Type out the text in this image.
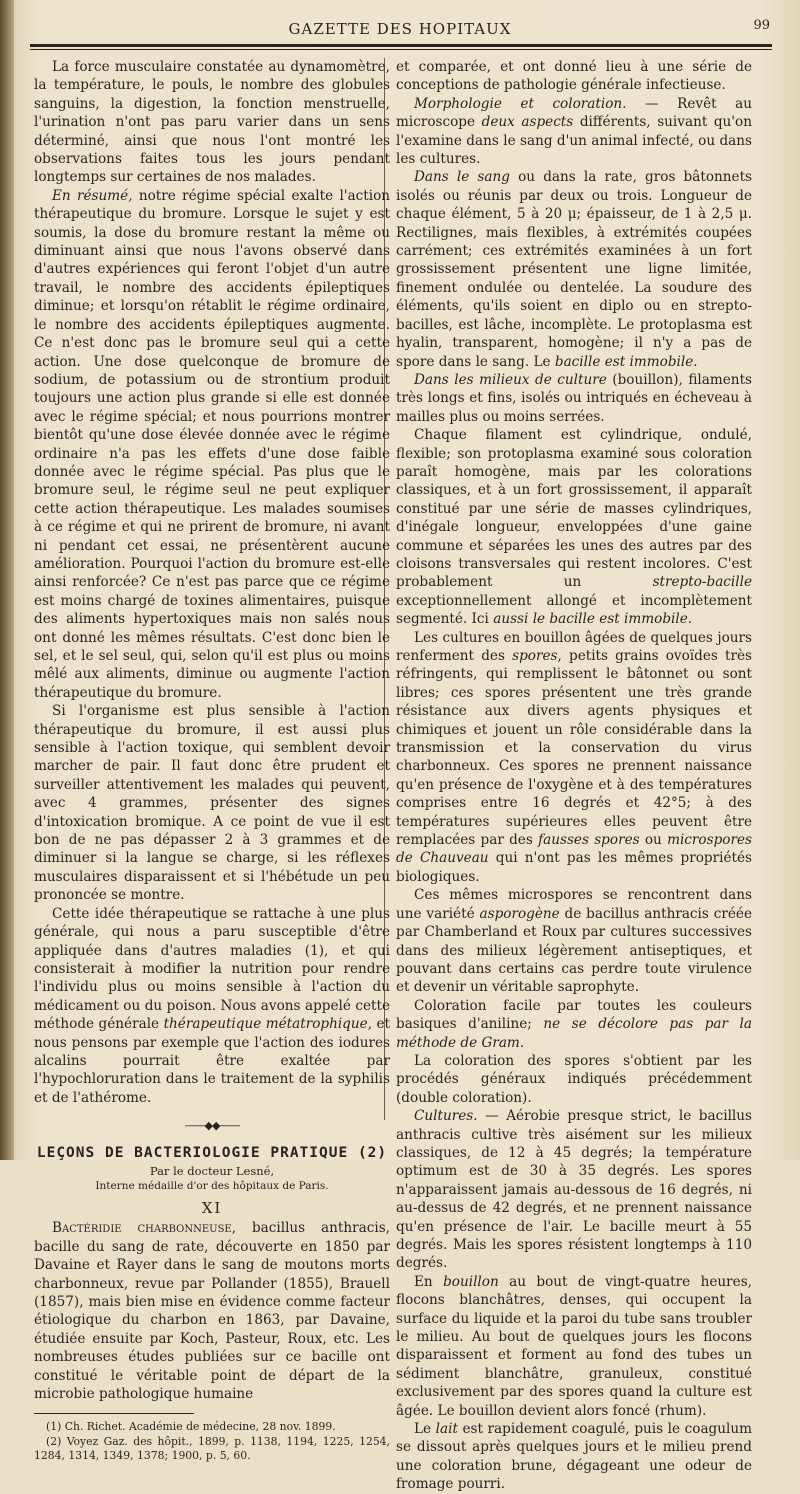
GAZETTE DES HOPITAUX	99

La force musculaire constatée au dynamomètre, la température, le pouls, le nombre des globules sanguins, la digestion, la fonction menstruelle, l'urination n'ont pas paru varier dans un sens déterminé, ainsi que nous l'ont montré les observations faites tous les jours pendant longtemps sur certaines de nos malades.

En résumé, notre régime spécial exalte l'action thérapeutique du bromure. Lorsque le sujet y est soumis, la dose du bromure restant la même ou diminuant ainsi que nous l'avons observé dans d'autres expériences qui feront l'objet d'un autre travail, le nombre des accidents épileptiques diminue; et lorsqu'on rétablit le régime ordinaire, le nombre des accidents épileptiques augmente. Ce n'est donc pas le bromure seul qui a cette action. Une dose quelconque de bromure de sodium, de potassium ou de strontium produit toujours une action plus grande si elle est donnée avec le régime spécial; et nous pourrions montrer bientôt qu'une dose élevée donnée avec le régime ordinaire n'a pas les effets d'une dose faible donnée avec le régime spécial. Pas plus que le bromure seul, le régime seul ne peut expliquer cette action thérapeutique. Les malades soumises à ce régime et qui ne prirent de bromure, ni avant ni pendant cet essai, ne présentèrent aucune amélioration. Pourquoi l'action du bromure est-elle ainsi renforcée? Ce n'est pas parce que ce régime est moins chargé de toxines alimentaires, puisque des aliments hypertoxiques mais non salés nous ont donné les mêmes résultats. C'est donc bien le sel, et le sel seul, qui, selon qu'il est plus ou moins mêlé aux aliments, diminue ou augmente l'action thérapeutique du bromure.

Si l'organisme est plus sensible à l'action thérapeutique du bromure, il est aussi plus sensible à l'action toxique, qui semblent devoir marcher de pair. Il faut donc être prudent et surveiller attentivement les malades qui peuvent, avec 4 grammes, présenter des signes d'intoxication bromique. A ce point de vue il est bon de ne pas dépasser 2 à 3 grammes et de diminuer si la langue se charge, si les réflexes musculaires disparaissent et si l'hébétude un peu prononcée se montre.

Cette idée thérapeutique se rattache à une plus générale, qui nous a paru susceptible d'être appliquée dans d'autres maladies (1), et qui consisterait à modifier la nutrition pour rendre l'individu plus ou moins sensible à l'action du médicament ou du poison. Nous avons appelé cette méthode générale thérapeutique métatrophique, et nous pensons par exemple que l'action des iodures alcalins pourrait être exaltée par l'hypochloruration dans le traitement de la syphilis et de l'athérome.

——◆◆——
LEÇONS DE BACTERIOLOGIE PRATIQUE (2)
Par le docteur Lesné,
Interne médaille d'or des hôpitaux de Paris.
XI

Bactéridie charbonneuse, bacillus anthracis, bacille du sang de rate, découverte en 1850 par Davaine et Rayer dans le sang de moutons morts charbonneux, revue par Pollander (1855), Brauell (1857), mais bien mise en évidence comme facteur étiologique du charbon en 1863, par Davaine, étudiée ensuite par Koch, Pasteur, Roux, etc. Les nombreuses études publiées sur ce bacille ont constitué le véritable point de départ de la microbie pathologique humaine

(1) Ch. Richet. Académie de médecine, 28 nov. 1899.

(2) Voyez Gaz. des hôpit., 1899, p. 1138, 1194, 1225, 1254, 1284, 1314, 1349, 1378; 1900, p. 5, 60.

et comparée, et ont donné lieu à une série de conceptions de pathologie générale infectieuse.

Morphologie et coloration. — Revêt au microscope deux aspects différents, suivant qu'on l'examine dans le sang d'un animal infecté, ou dans les cultures.

Dans le sang ou dans la rate, gros bâtonnets isolés ou réunis par deux ou trois. Longueur de chaque élément, 5 à 20 μ; épaisseur, de 1 à 2,5 μ. Rectilignes, mais flexibles, à extrémités coupées carrément; ces extrémités examinées à un fort grossissement présentent une ligne limitée, finement ondulée ou dentelée. La soudure des éléments, qu'ils soient en diplo ou en strepto-bacilles, est lâche, incomplète. Le protoplasma est hyalin, transparent, homogène; il n'y a pas de spore dans le sang. Le bacille est immobile.

Dans les milieux de culture (bouillon), filaments très longs et fins, isolés ou intriqués en écheveau à mailles plus ou moins serrées.

Chaque filament est cylindrique, ondulé, flexible; son protoplasma examiné sous coloration paraît homogène, mais par les colorations classiques, et à un fort grossissement, il apparaît constitué par une série de masses cylindriques, d'inégale longueur, enveloppées d'une gaine commune et séparées les unes des autres par des cloisons transversales qui restent incolores. C'est probablement un strepto-bacille exceptionnellement allongé et incomplètement segmenté. Ici aussi le bacille est immobile.

Les cultures en bouillon âgées de quelques jours renferment des spores, petits grains ovoïdes très réfringents, qui remplissent le bâtonnet ou sont libres; ces spores présentent une très grande résistance aux divers agents physiques et chimiques et jouent un rôle considérable dans la transmission et la conservation du virus charbonneux. Ces spores ne prennent naissance qu'en présence de l'oxygène et à des températures comprises entre 16 degrés et 42°5; à des températures supérieures elles peuvent être remplacées par des fausses spores ou microspores de Chauveau qui n'ont pas les mêmes propriétés biologiques.

Ces mêmes microspores se rencontrent dans une variété asporogène de bacillus anthracis créée par Chamberland et Roux par cultures successives dans des milieux légèrement antiseptiques, et pouvant dans certains cas perdre toute virulence et devenir un véritable saprophyte.

Coloration facile par toutes les couleurs basiques d'aniline; ne se décolore pas par la méthode de Gram.

La coloration des spores s'obtient par les procédés généraux indiqués précédemment (double coloration).

Cultures. — Aérobie presque strict, le bacillus anthracis cultive très aisément sur les milieux classiques, de 12 à 45 degrés; la température optimum est de 30 à 35 degrés. Les spores n'apparaissent jamais au-dessous de 16 degrés, ni au-dessus de 42 degrés, et ne prennent naissance qu'en présence de l'air. Le bacille meurt à 55 degrés. Mais les spores résistent longtemps à 110 degrés.

En bouillon au bout de vingt-quatre heures, flocons blanchâtres, denses, qui occupent la surface du liquide et la paroi du tube sans troubler le milieu. Au bout de quelques jours les flocons disparaissent et forment au fond des tubes un sédiment blanchâtre, granuleux, constitué exclusivement par des spores quand la culture est âgée. Le bouillon devient alors foncé (rhum).

Le lait est rapidement coagulé, puis le coagulum se dissout après quelques jours et le milieu prend une coloration brune, dégageant une odeur de fromage pourri.
